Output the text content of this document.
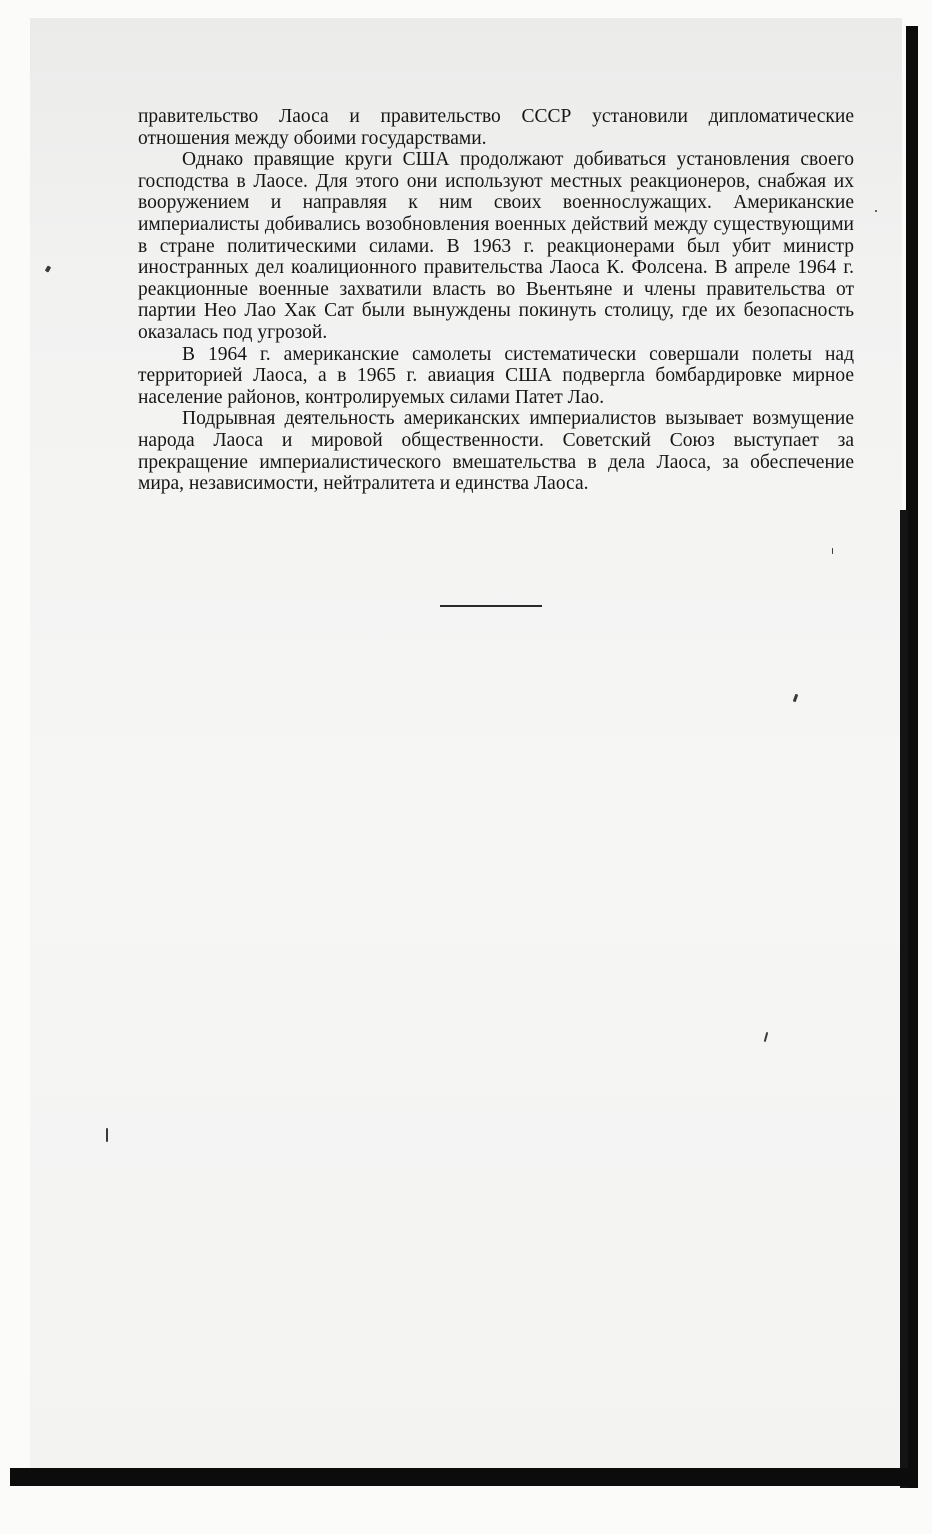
правительство Лаоса и правительство СССР установили дипломатические отношения между обоими государствами.

Однако правящие круги США продолжают добиваться установления своего господства в Лаосе. Для этого они используют местных реакционеров, снабжая их вооружением и направляя к ним своих военнослужащих. Американские империалисты добивались возобновления военных действий между существующими в стране политическими силами. В 1963 г. реакционерами был убит министр иностранных дел коалиционного правительства Лаоса К. Фолсена. В апреле 1964 г. реакционные военные захватили власть во Вьентьяне и члены правительства от партии Нео Лао Хак Сат были вынуждены покинуть столицу, где их безопасность оказалась под угрозой.

В 1964 г. американские самолеты систематически совершали полеты над территорией Лаоса, а в 1965 г. авиация США подвергла бомбардировке мирное население районов, контролируемых силами Патет Лао.

Подрывная деятельность американских империалистов вызывает возмущение народа Лаоса и мировой общественности. Советский Союз выступает за прекращение империалистического вмешательства в дела Лаоса, за обеспечение мира, независимости, нейтралитета и единства Лаоса.
